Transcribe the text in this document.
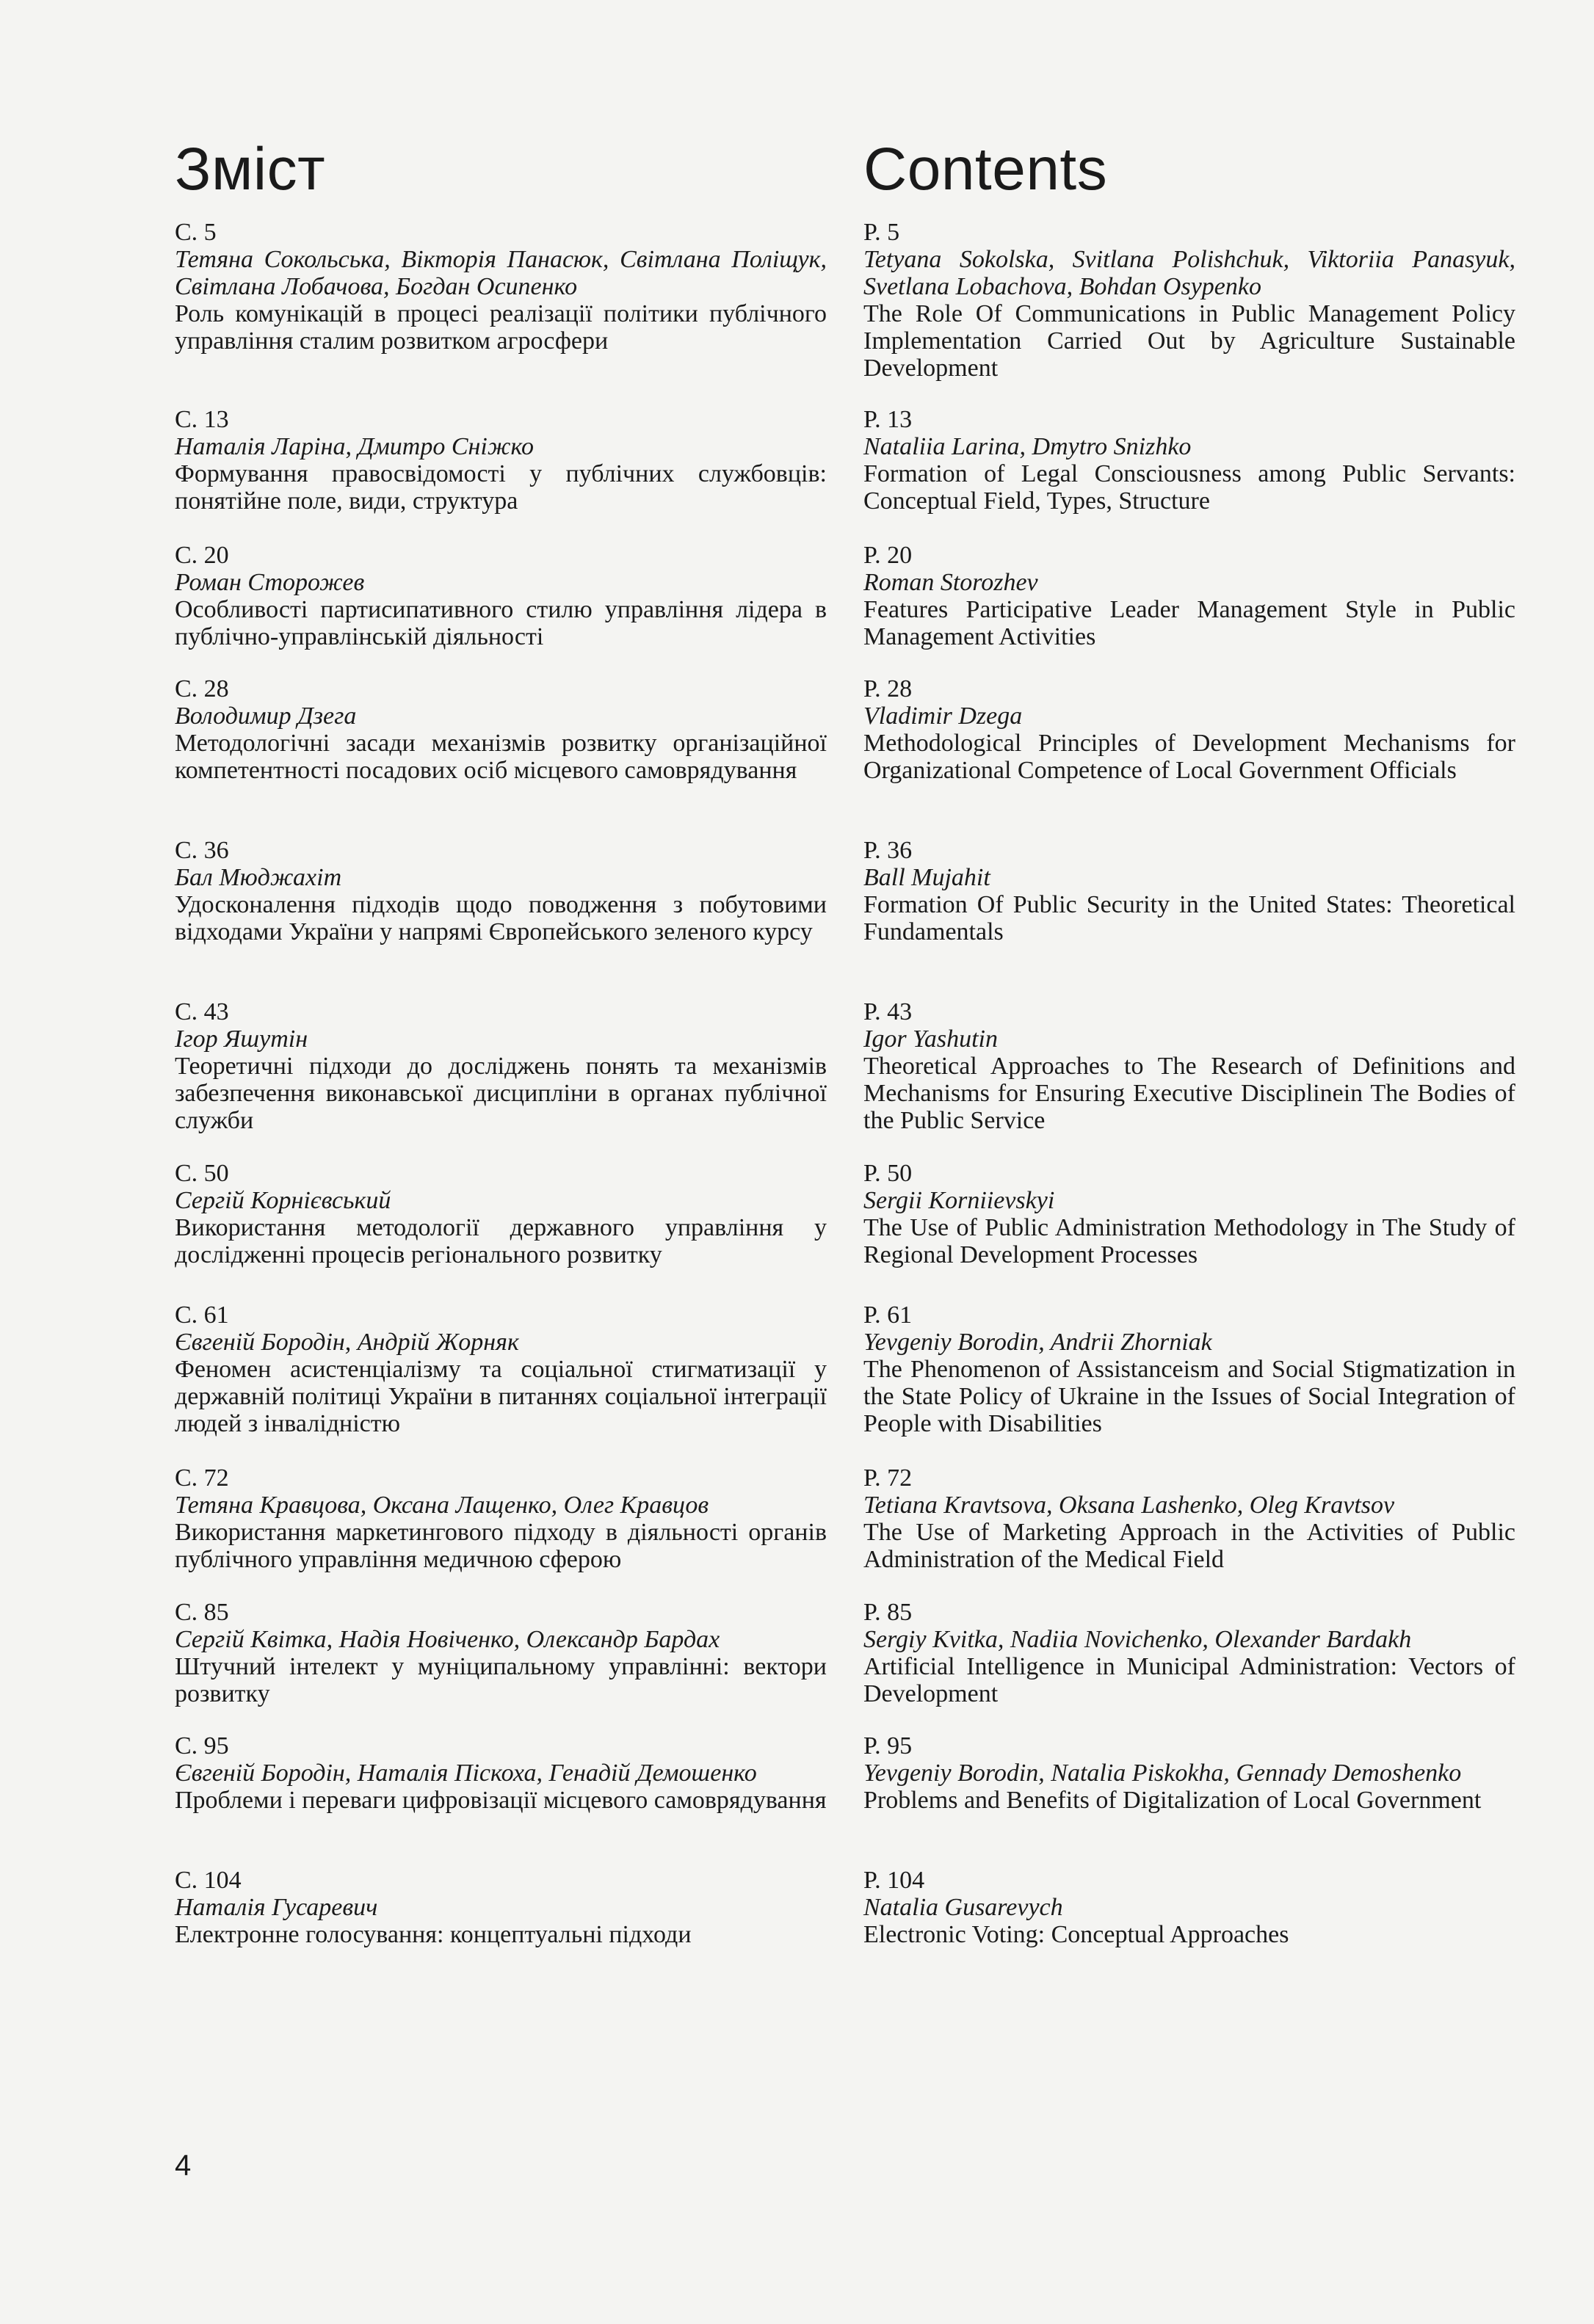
Зміст
С. 5
Тетяна Сокольська, Вікторія Панасюк, Світлана Поліщук, Світлана Лобачова, Богдан Осипенко
Роль комунікацій в процесі реалізації політики публічного управління сталим розвитком агросфери
С. 13
Наталія Ларіна, Дмитро Сніжко
Формування правосвідомості у публічних службовців: понятійне поле, види, структура
С. 20
Роман Сторожев
Особливості партисипативного стилю управління лідера в публічно-управлінській діяльності
С. 28
Володимир Дзега
Методологічні засади механізмів розвитку організаційної компетентності посадових осіб місцевого самоврядування
С. 36
Бал Мюджахіт
Удосконалення підходів щодо поводження з побутовими відходами України у напрямі Європейського зеленого курсу
С. 43
Ігор Яшутін
Теоретичні підходи до досліджень понять та механізмів забезпечення виконавської дисципліни в органах публічної служби
С. 50
Сергій Корнієвський
Використання методології державного управління у дослідженні процесів регіонального розвитку
С. 61
Євгеній Бородін, Андрій Жорняк
Феномен асистенціалізму та соціальної стигматизації у державній політиці України в питаннях соціальної інтеграції людей з інвалідністю
С. 72
Тетяна Кравцова, Оксана Лащенко, Олег Кравцов
Використання маркетингового підходу в діяльності органів публічного управління медичною сферою
С. 85
Сергій Квітка, Надія Новіченко, Олександр Бардах
Штучний інтелект у муніципальному управлінні: вектори розвитку
С. 95
Євгеній Бородін, Наталія Піскоха, Генадій Демошенко
Проблеми і переваги цифровізації місцевого самоврядування
С. 104
Наталія Гусаревич
Електронне голосування: концептуальні підходи
Contents
P. 5
Tetyana Sokolska, Svitlana Polishchuk, Viktoriia Panasyuk, Svetlana Lobachova, Bohdan Osypenko
The Role Of Communications in Public Management Policy Implementation Carried Out by Agriculture Sustainable Development
P. 13
Nataliia Larina, Dmytro Snizhko
Formation of Legal Consciousness among Public Servants: Conceptual Field, Types, Structure
P. 20
Roman Storozhev
Features Participative Leader Management Style in Public Management Activities
P. 28
Vladimir Dzega
Methodological Principles of Development Mechanisms for Organizational Competence of Local Government Officials
P. 36
Ball Mujahit
Formation Of Public Security in the United States: Theoretical Fundamentals
P. 43
Igor Yashutin
Theoretical Approaches to The Research of Definitions and Mechanisms for Ensuring Executive Disciplinein The Bodies of the Public Service
P. 50
Sergii Korniievskyi
The Use of Public Administration Methodology in The Study of Regional Development Processes
P. 61
Yevgeniy Borodin, Andrii Zhorniak
The Phenomenon of Assistanceism and Social Stigmatization in the State Policy of Ukraine in the Issues of Social Integration of People with Disabilities
P. 72
Tetiana Kravtsova, Oksana Lashenko, Oleg Kravtsov
The Use of Marketing Approach in the Activities of Public Administration of the Medical Field
P. 85
Sergiy Kvitka, Nadiia Novichenko, Olexander Bardakh
Artificial Intelligence in Municipal Administration: Vectors of Development
P. 95
Yevgeniy Borodin, Natalia Piskokha, Gennady Demoshenko
Problems and Benefits of Digitalization of Local Government
P. 104
Natalia Gusarevych
Electronic Voting: Conceptual Approaches
4
